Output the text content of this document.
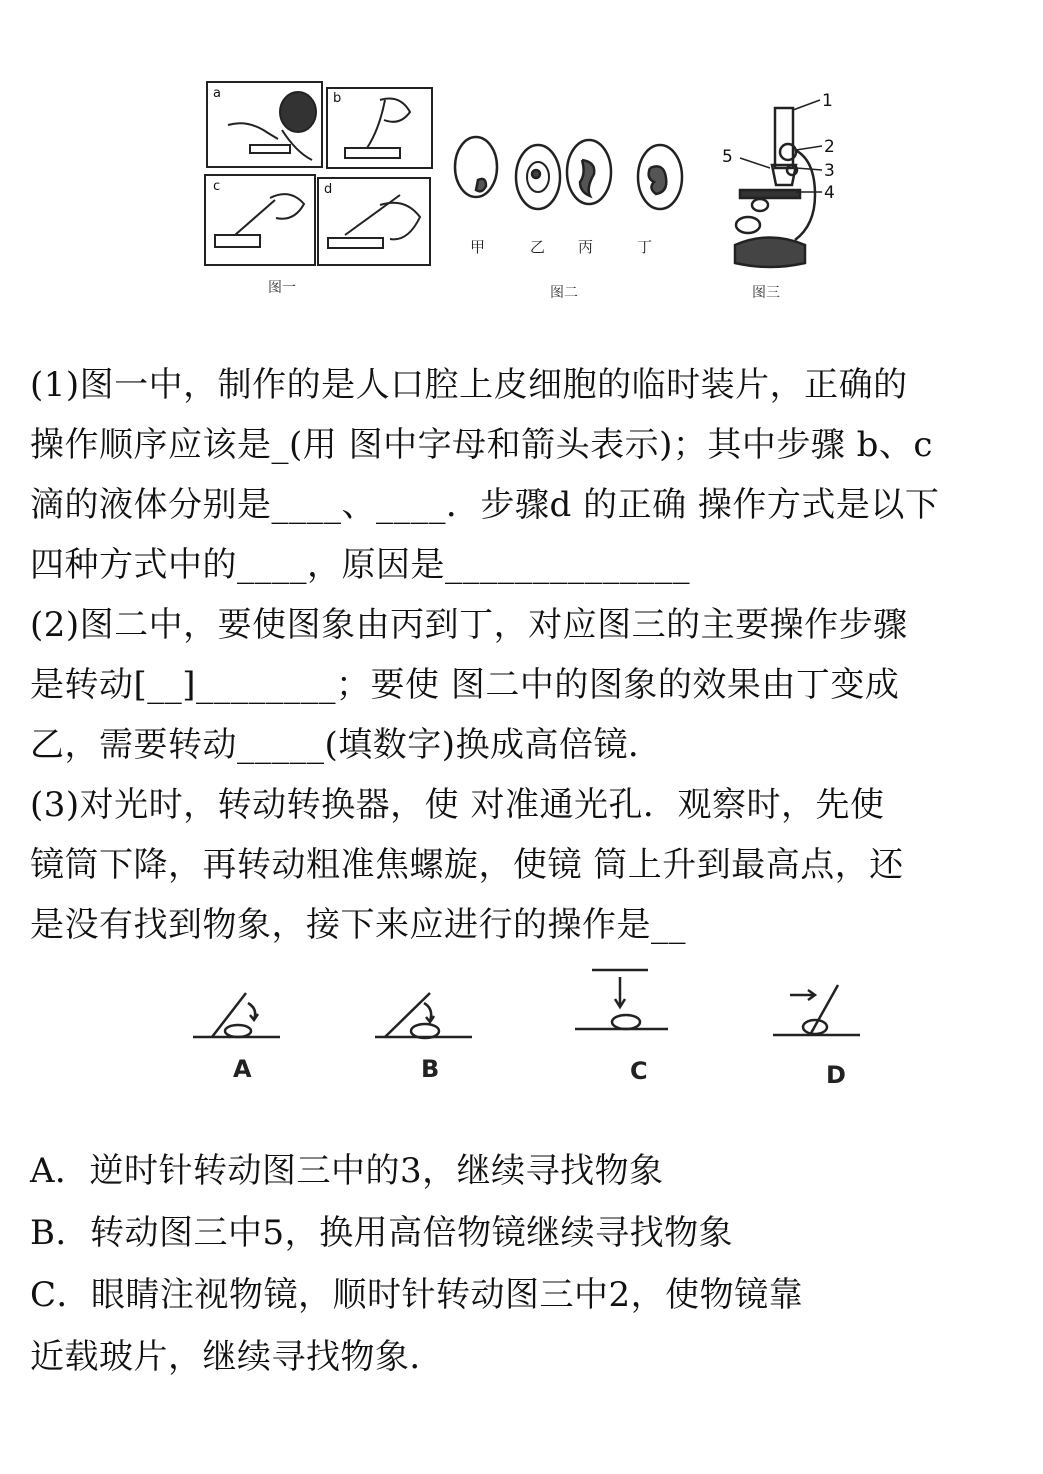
a	b
c	d
图一
甲	乙 丙	丁
图二
1
2
3
4
5
图三
(1)图一中，制作的是人口腔上皮细胞的临时装片，正确的
操作顺序应该是_(用 图中字母和箭头表示)；其中步骤 b、c
滴的液体分别是____、____．步骤d 的正确 操作方式是以下
四种方式中的____，原因是______________
(2)图二中，要使图象由丙到丁，对应图三的主要操作步骤
是转动[__]________；要使 图二中的图象的效果由丁变成
乙，需要转动_____(填数字)换成高倍镜．
(3)对光时，转动转换器，使 对准通光孔．观察时，先使
镜筒下降，再转动粗准焦螺旋，使镜 筒上升到最高点，还
是没有找到物象，接下来应进行的操作是__
A	B	C	D
A．逆时针转动图三中的3，继续寻找物象
B．转动图三中5，换用高倍物镜继续寻找物象
C．眼睛注视物镜，顺时针转动图三中2，使物镜靠
近载玻片，继续寻找物象．
